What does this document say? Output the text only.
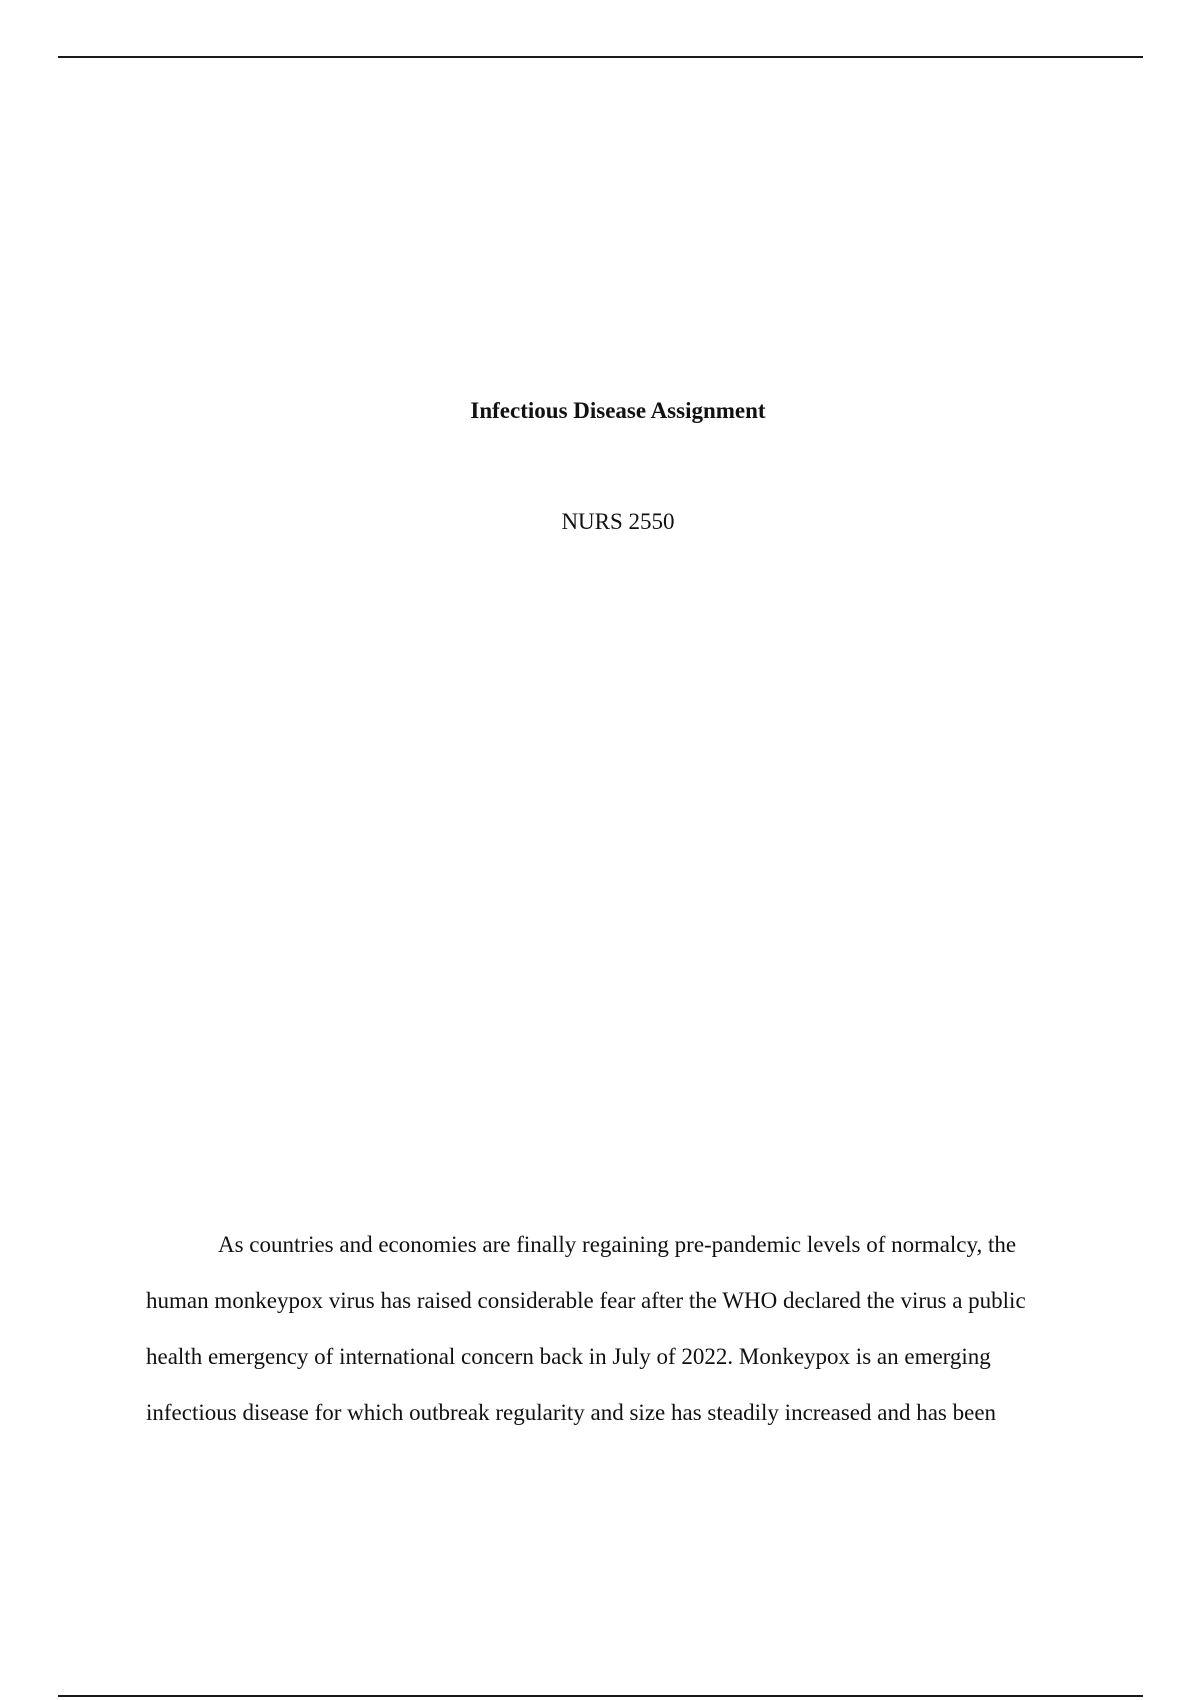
Infectious Disease Assignment

NURS 2550

As countries and economies are finally regaining pre-pandemic levels of normalcy, the
human monkeypox virus has raised considerable fear after the WHO declared the virus a public
health emergency of international concern back in July of 2022. Monkeypox is an emerging
infectious disease for which outbreak regularity and size has steadily increased and has been
